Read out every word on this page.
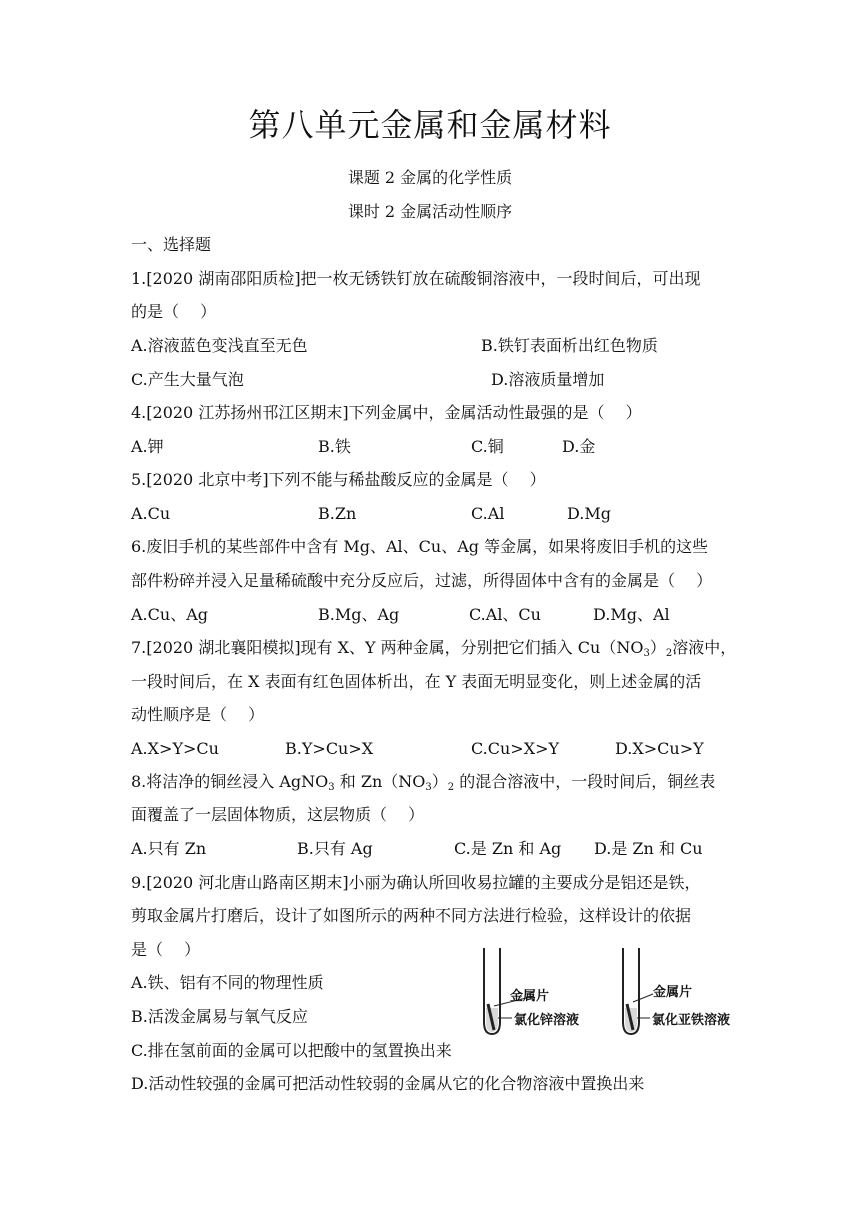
第八单元金属和金属材料
课题 2 金属的化学性质
课时 2 金属活动性顺序
一、选择题
1.[2020 湖南邵阳质检]把一枚无锈铁钉放在硫酸铜溶液中，一段时间后，可出现
的是（　 ）
A.溶液蓝色变浅直至无色	B.铁钉表面析出红色物质
C.产生大量气泡	D.溶液质量增加
4.[2020 江苏扬州邗江区期末]下列金属中，金属活动性最强的是（　 ）
A.钾	B.铁	C.铜	D.金
5.[2020 北京中考]下列不能与稀盐酸反应的金属是（　 ）
A.Cu	B.Zn	C.Al	D.Mg
6.废旧手机的某些部件中含有 Mg、Al、Cu、Ag 等金属，如果将废旧手机的这些
部件粉碎并浸入足量稀硫酸中充分反应后，过滤，所得固体中含有的金属是（　 ）
A.Cu、Ag	B.Mg、Ag	C.Al、Cu	D.Mg、Al
7.[2020 湖北襄阳模拟]现有 X、Y 两种金属，分别把它们插入 $Cu(NO_3)_2$溶液中，
一段时间后，在 X 表面有红色固体析出，在 Y 表面无明显变化，则上述金属的活
动性顺序是（　 ）
A.X>Y>Cu	B.Y>Cu>X	C.Cu>X>Y	D.X>Cu>Y
8.将洁净的铜丝浸入 AgNO$_3$ 和 $Zn(NO_3)_2$ 的混合溶液中，一段时间后，铜丝表
面覆盖了一层固体物质，这层物质（　 ）
A.只有 Zn	B.只有 Ag	C.是 Zn 和 Ag D.是 Zn 和 Cu
9.[2020 河北唐山路南区期末]小丽为确认所回收易拉罐的主要成分是铝还是铁，
剪取金属片打磨后，设计了如图所示的两种不同方法进行检验，这样设计的依据
是（　 ）
A.铁、铝有不同的物理性质
B.活泼金属易与氧气反应
C.排在氢前面的金属可以把酸中的氢置换出来
D.活动性较强的金属可把活动性较弱的金属从它的化合物溶液中置换出来
金属片
氯化锌溶液
金属片
氯化亚铁溶液
